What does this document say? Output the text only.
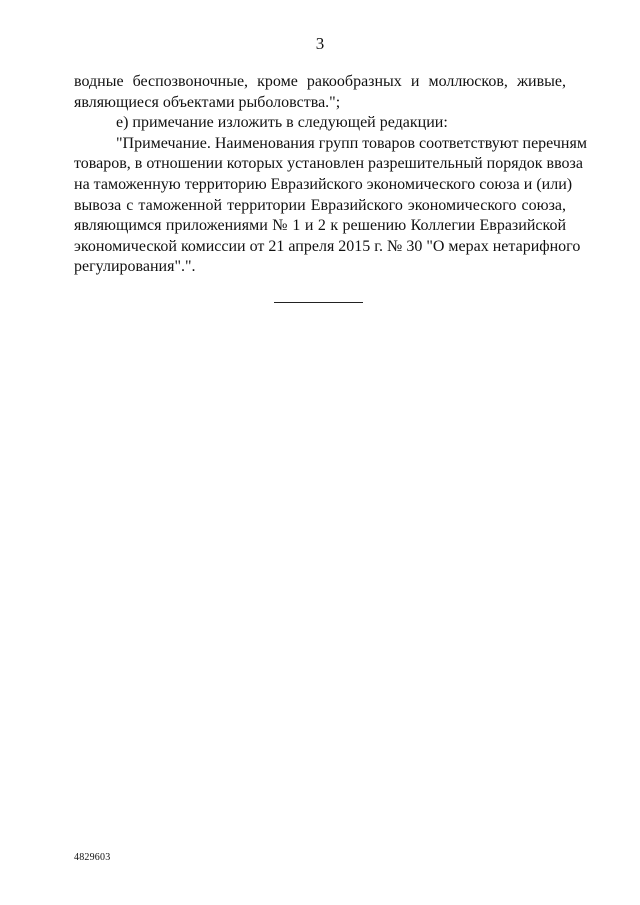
3
водные беспозвоночные, кроме ракообразных и моллюсков, живые,
являющиеся объектами рыболовства.";
е) примечание изложить в следующей редакции:
"Примечание. Наименования групп товаров соответствуют перечням
товаров, в отношении которых установлен разрешительный порядок ввоза
на таможенную территорию Евразийского экономического союза и (или)
вывоза с таможенной территории Евразийского экономического союза,
являющимся приложениями № 1 и 2 к решению Коллегии Евразийской
экономической комиссии от 21 апреля 2015 г. № 30 "О мерах нетарифного
регулирования".".
4829603
